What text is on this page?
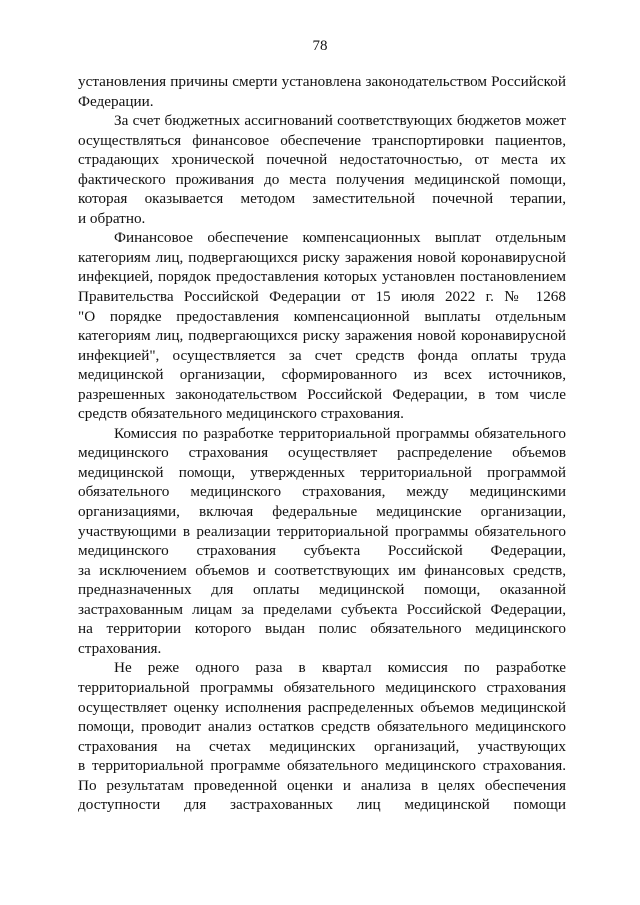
78
установления причины смерти установлена законодательством Российской
Федерации.
За счет бюджетных ассигнований соответствующих бюджетов может
осуществляться финансовое обеспечение транспортировки пациентов,
страдающих хронической почечной недостаточностью, от места их
фактического проживания до места получения медицинской помощи,
которая оказывается методом заместительной почечной терапии,
и обратно.
Финансовое обеспечение компенсационных выплат отдельным
категориям лиц, подвергающихся риску заражения новой коронавирусной
инфекцией, порядок предоставления которых установлен постановлением
Правительства Российской Федерации от 15 июля 2022 г. № 1268
"О порядке предоставления компенсационной выплаты отдельным
категориям лиц, подвергающихся риску заражения новой коронавирусной
инфекцией", осуществляется за счет средств фонда оплаты труда
медицинской организации, сформированного из всех источников,
разрешенных законодательством Российской Федерации, в том числе
средств обязательного медицинского страхования.
Комиссия по разработке территориальной программы обязательного
медицинского страхования осуществляет распределение объемов
медицинской помощи, утвержденных территориальной программой
обязательного медицинского страхования, между медицинскими
организациями, включая федеральные медицинские организации,
участвующими в реализации территориальной программы обязательного
медицинского страхования субъекта Российской Федерации,
за исключением объемов и соответствующих им финансовых средств,
предназначенных для оплаты медицинской помощи, оказанной
застрахованным лицам за пределами субъекта Российской Федерации,
на территории которого выдан полис обязательного медицинского
страхования.
Не реже одного раза в квартал комиссия по разработке
территориальной программы обязательного медицинского страхования
осуществляет оценку исполнения распределенных объемов медицинской
помощи, проводит анализ остатков средств обязательного медицинского
страхования на счетах медицинских организаций, участвующих
в территориальной программе обязательного медицинского страхования.
По результатам проведенной оценки и анализа в целях обеспечения
доступности для застрахованных лиц медицинской помощи
